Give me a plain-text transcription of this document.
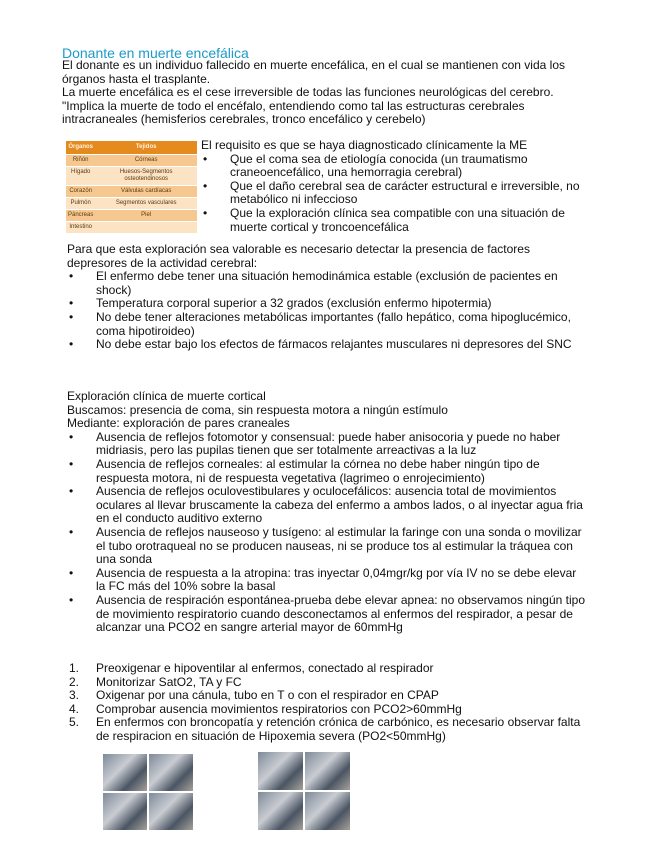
Donante en muerte encefálica

El donante es un individuo fallecido en muerte encefálica, en el cual se mantienen con vida los órganos hasta el trasplante.

La muerte encefálica es el cese irreversible de todas las funciones neurológicas del cerebro.

"Implica la muerte de todo el encéfalo, entendiendo como tal las estructuras cerebrales intracraneales (hemisferios cerebrales, tronco encefálico y cerebelo)

Órganos	Tejidos
Riñón	Córneas
Hígado	Huesos-Segmentos osteotendinosos
Corazón	Válvulas cardíacas
Pulmón	Segmentos vasculares
Páncreas	Piel
Intestino	

El requisito es que se haya diagnosticado clínicamente la ME

• Que el coma sea de etiología conocida (un traumatismo craneoencefálico, una hemorragia cerebral)
• Que el daño cerebral sea de carácter estructural e irreversible, no metabólico ni infeccioso
• Que la exploración clínica sea compatible con una situación de muerte cortical y troncoencefálica

Para que esta exploración sea valorable es necesario detectar la presencia de factores depresores de la actividad cerebral:

• El enfermo debe tener una situación hemodinámica estable (exclusión de pacientes en shock)
• Temperatura corporal superior a 32 grados (exclusión enfermo hipotermia)
• No debe tener alteraciones metabólicas importantes (fallo hepático, coma hipoglucémico, coma hipotiroideo)
• No debe estar bajo los efectos de fármacos relajantes musculares ni depresores del SNC

Exploración clínica de muerte cortical

Buscamos: presencia de coma, sin respuesta motora a ningún estímulo

Mediante: exploración de pares craneales

• Ausencia de reflejos fotomotor y consensual: puede haber anisocoria y puede no haber midriasis, pero las pupilas tienen que ser totalmente arreactivas a la luz
• Ausencia de reflejos corneales: al estimular la córnea no debe haber ningún tipo de respuesta motora, ni de respuesta vegetativa (lagrimeo o enrojecimiento)
• Ausencia de reflejos oculovestibulares y oculocefálicos: ausencia total de movimientos oculares al llevar bruscamente la cabeza del enfermo a ambos lados, o al inyectar agua fria en el conducto auditivo externo
• Ausencia de reflejos nauseoso y tusígeno: al estimular la faringe con una sonda o movilizar el tubo orotraqueal no se producen nauseas, ni se produce tos al estimular la tráquea con una sonda
• Ausencia de respuesta a la atropina: tras inyectar 0,04mgr/kg por vía IV no se debe elevar la FC más del 10% sobre la basal
• Ausencia de respiración espontánea-prueba debe elevar apnea: no observamos ningún tipo de movimiento respiratorio cuando desconectamos al enfermos del respirador, a pesar de alcanzar una PCO2 en sangre arterial mayor de 60mmHg
1. Preoxigenar e hipoventilar al enfermos, conectado al respirador
2. Monitorizar SatO2, TA y FC
3. Oxigenar por una cánula, tubo en T o con el respirador en CPAP
4. Comprobar ausencia movimientos respiratorios con PCO2>60mmHg
5. En enfermos con broncopatía y retención crónica de carbónico, es necesario observar falta de respiracion en situación de Hipoxemia severa (PO2<50mmHg)
